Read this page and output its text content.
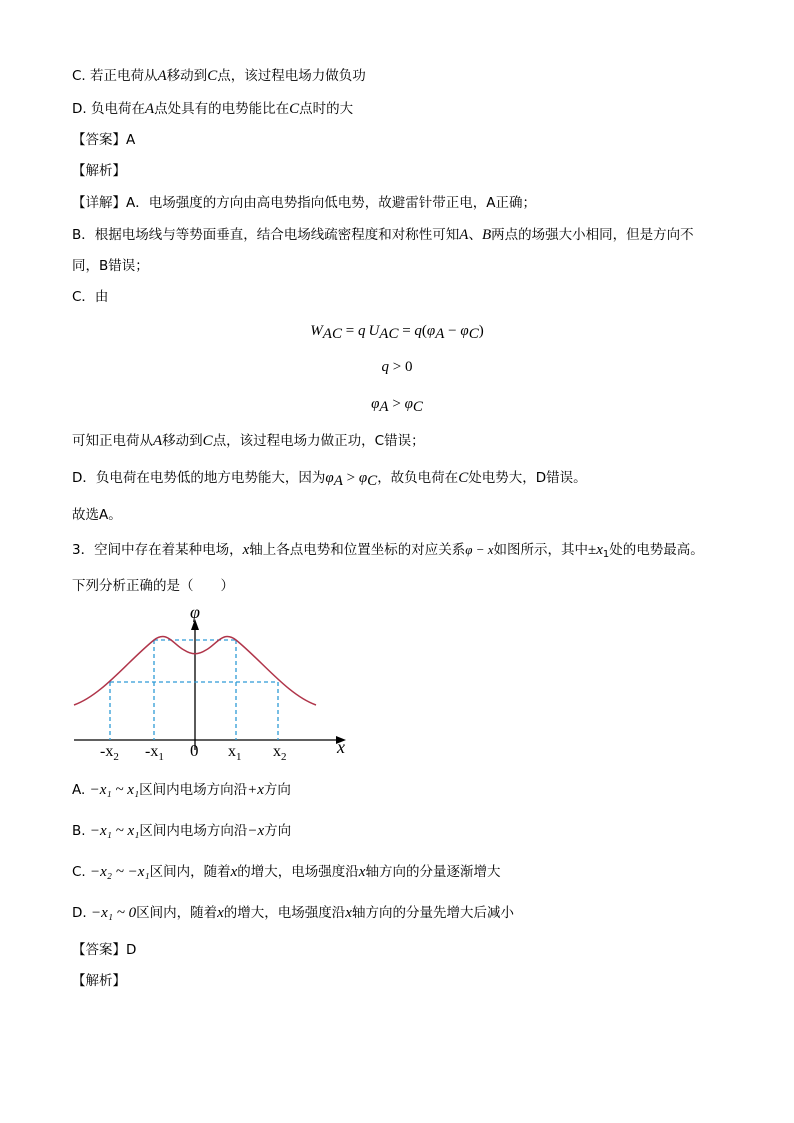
C. 若正电荷从A移动到C点，该过程电场力做负功
D. 负电荷在A点处具有的电势能比在C点时的大
【答案】A
【解析】
【详解】A．电场强度的方向由高电势指向低电势，故避雷针带正电，A正确；
B．根据电场线与等势面垂直，结合电场线疏密程度和对称性可知A、B两点的场强大小相同，但是方向不
同，B错误；
C．由
$W_{AC} = q$ $U_{AC} = q(\varphi_A - \varphi_C)$
q > 0
$\varphi_A > \varphi_C$
可知正电荷从A移动到C点，该过程电场力做正功，C错误；
D．负电荷在电势低的地方电势能大，因为$\varphi_A > \varphi_C$，故负电荷在C处电势大，D错误。
故选A。
3．空间中存在着某种电场，x轴上各点电势和位置坐标的对应关系φ − x如图所示，其中$\pm x_1$处的电势最高。
下列分析正确的是（　　）
φ
x
0
$-x_2$ $-x_1$	$x_1$ $x_2$
A. −x₁ ~ x₁区间内电场方向沿+x方向
B. −x₁ ~ x₁区间内电场方向沿−x方向
C. −x₂ ~ −x₁区间内，随着x的增大，电场强度沿x轴方向的分量逐渐增大
D. −x₁ ~ 0区间内，随着x的增大，电场强度沿x轴方向的分量先增大后减小
【答案】D
【解析】
